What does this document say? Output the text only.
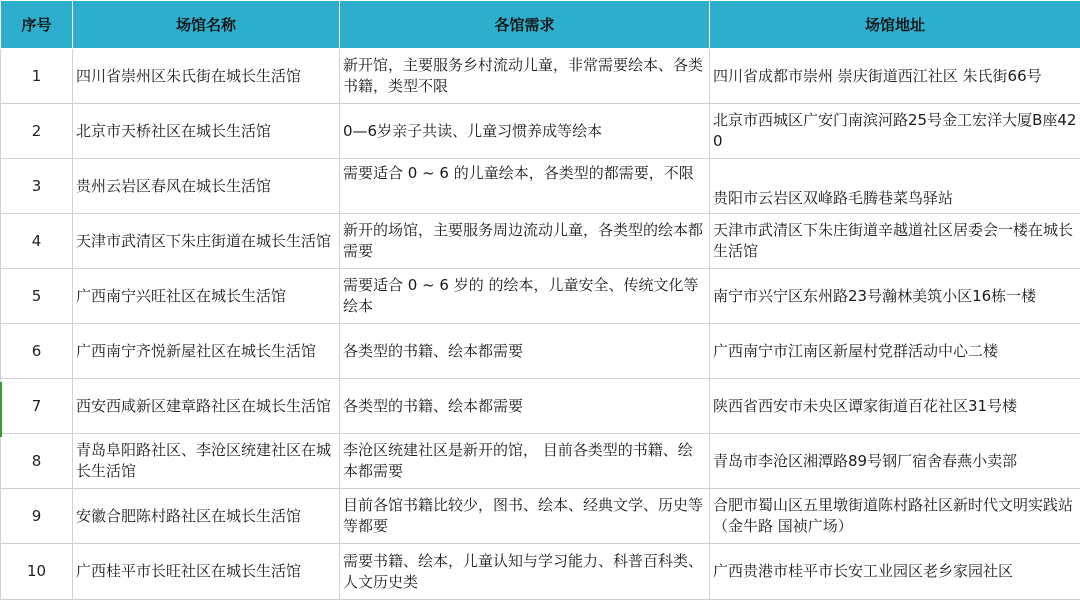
序号	场馆名称	各馆需求	场馆地址
1	四川省崇州区朱氏街在城长生活馆	新开馆，主要服务乡村流动儿童，非常需要绘本、各类书籍，类型不限	四川省成都市崇州 崇庆街道西江社区 朱氏街66号
2	北京市天桥社区在城长生活馆	0—6岁亲子共读、儿童习惯养成等绘本	北京市西城区广安门南滨河路25号金工宏洋大厦B座420
3	贵州云岩区春风在城长生活馆	需要适合 0 ~ 6 的儿童绘本，各类型的都需要，不限	贵阳市云岩区双峰路毛腾巷菜鸟驿站
4	天津市武清区下朱庄街道在城长生活馆	新开的场馆，主要服务周边流动儿童，各类型的绘本都需要	天津市武清区下朱庄街道辛越道社区居委会一楼在城长生活馆
5	广西南宁兴旺社区在城长生活馆	需要适合 0 ~ 6 岁的 的绘本，儿童安全、传统文化等绘本	南宁市兴宁区东州路23号瀚林美筑小区16栋一楼
6	广西南宁齐悦新屋社区在城长生活馆	各类型的书籍、绘本都需要	广西南宁市江南区新屋村党群活动中心二楼
7	西安西咸新区建章路社区在城长生活馆	各类型的书籍、绘本都需要	陕西省西安市未央区谭家街道百花社区31号楼
8	青岛阜阳路社区、李沧区统建社区在城长生活馆	李沧区统建社区是新开的馆， 目前各类型的书籍、绘本都需要	青岛市李沧区湘潭路89号钢厂宿舍春燕小卖部
9	安徽合肥陈村路社区在城长生活馆	目前各馆书籍比较少，图书、绘本、经典文学、历史等等都要	合肥市蜀山区五里墩街道陈村路社区新时代文明实践站（金牛路 国祯广场）
10	广西桂平市长旺社区在城长生活馆	需要书籍、绘本，儿童认知与学习能力、科普百科类、 人文历史类	广西贵港市桂平市长安工业园区老乡家园社区
